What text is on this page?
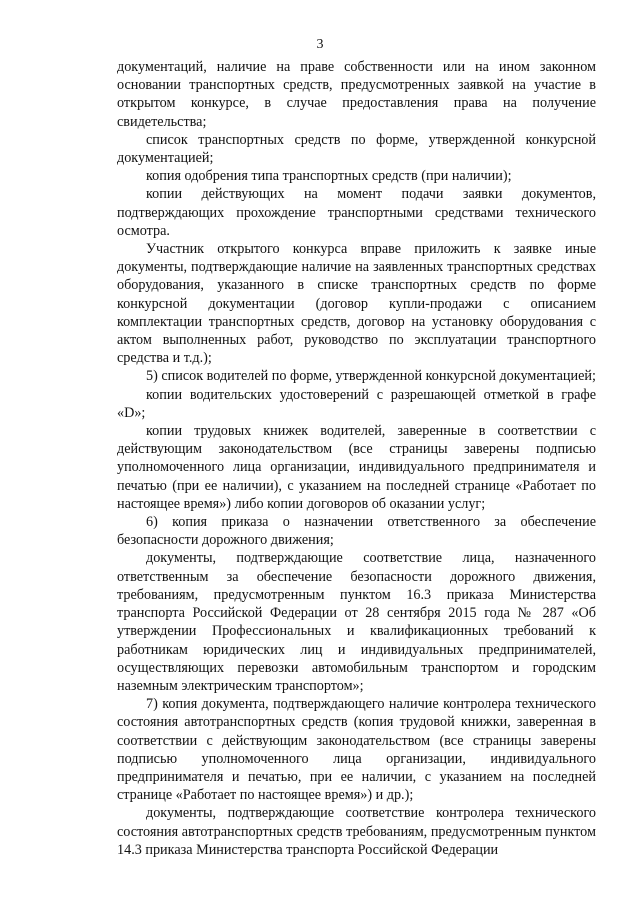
3

документаций, наличие на праве собственности или на ином законном основании транспортных средств, предусмотренных заявкой на участие в открытом конкурсе, в случае предоставления права на получение свидетельства;

список транспортных средств по форме, утвержденной конкурсной документацией;

копия одобрения типа транспортных средств (при наличии);

копии действующих на момент подачи заявки документов, подтверждающих прохождение транспортными средствами технического осмотра.

Участник открытого конкурса вправе приложить к заявке иные документы, подтверждающие наличие на заявленных транспортных средствах оборудования, указанного в списке транспортных средств по форме конкурсной документации (договор купли-продажи с описанием комплектации транспортных средств, договор на установку оборудования с актом выполненных работ, руководство по эксплуатации транспортного средства и т.д.);

5) список водителей по форме, утвержденной конкурсной документацией;

копии водительских удостоверений с разрешающей отметкой в графе «D»;

копии трудовых книжек водителей, заверенные в соответствии с действующим законодательством (все страницы заверены подписью уполномоченного лица организации, индивидуального предпринимателя и печатью (при ее наличии), с указанием на последней странице «Работает по настоящее время») либо копии договоров об оказании услуг;

6) копия приказа о назначении ответственного за обеспечение безопасности дорожного движения;

документы, подтверждающие соответствие лица, назначенного ответственным за обеспечение безопасности дорожного движения, требованиям, предусмотренным пунктом 16.3 приказа Министерства транспорта Российской Федерации от 28 сентября 2015 года № 287 «Об утверждении Профессиональных и квалификационных требований к работникам юридических лиц и индивидуальных предпринимателей, осуществляющих перевозки автомобильным транспортом и городским наземным электрическим транспортом»;

7) копия документа, подтверждающего наличие контролера технического состояния автотранспортных средств (копия трудовой книжки, заверенная в соответствии с действующим законодательством (все страницы заверены подписью уполномоченного лица организации, индивидуального предпринимателя и печатью, при ее наличии, с указанием на последней странице «Работает по настоящее время») и др.);

документы, подтверждающие соответствие контролера технического состояния автотранспортных средств требованиям, предусмотренным пунктом 14.3 приказа Министерства транспорта Российской Федерации
